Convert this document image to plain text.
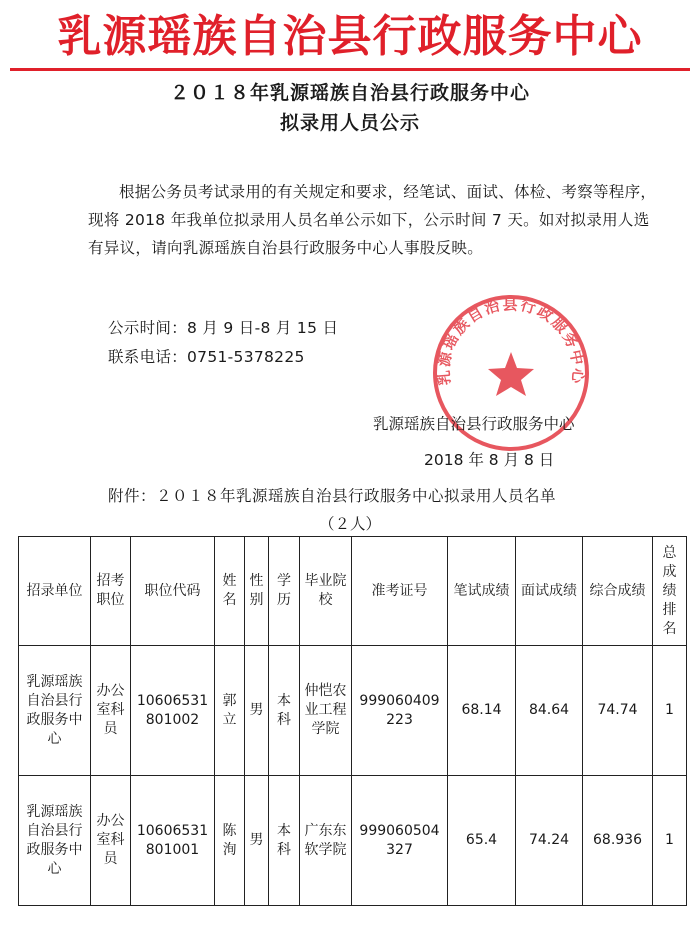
乳源瑶族自治县行政服务中心
２０１８年乳源瑶族自治县行政服务中心
拟录用人员公示
根据公务员考试录用的有关规定和要求，经笔试、面试、体检、考察等程序，现将 2018 年我单位拟录用人员名单公示如下，公示时间 7 天。如对拟录用人选有异议，请向乳源瑶族自治县行政服务中心人事股反映。
公示时间：8 月 9 日-8 月 15 日
联系电话：0751-5378225
乳源瑶族自治县行政服务中心
乳源瑶族自治县行政服务中心
2018 年 8 月 8 日
附件：２０１８年乳源瑶族自治县行政服务中心拟录用人员名单
（２人）
招录单位	招考职位	职位代码	姓名	性别	学历	毕业院校	准考证号	笔试成绩	面试成绩	综合成绩	总成绩排名
乳源瑶族自治县行政服务中心	办公室科员	10606531801002	郭立	男	本科	仲恺农业工程学院	999060409223	68.14	84.64	74.74	1
乳源瑶族自治县行政服务中心	办公室科员	10606531801001	陈洵	男	本科	广东东软学院	999060504327	65.4	74.24	68.936	1
